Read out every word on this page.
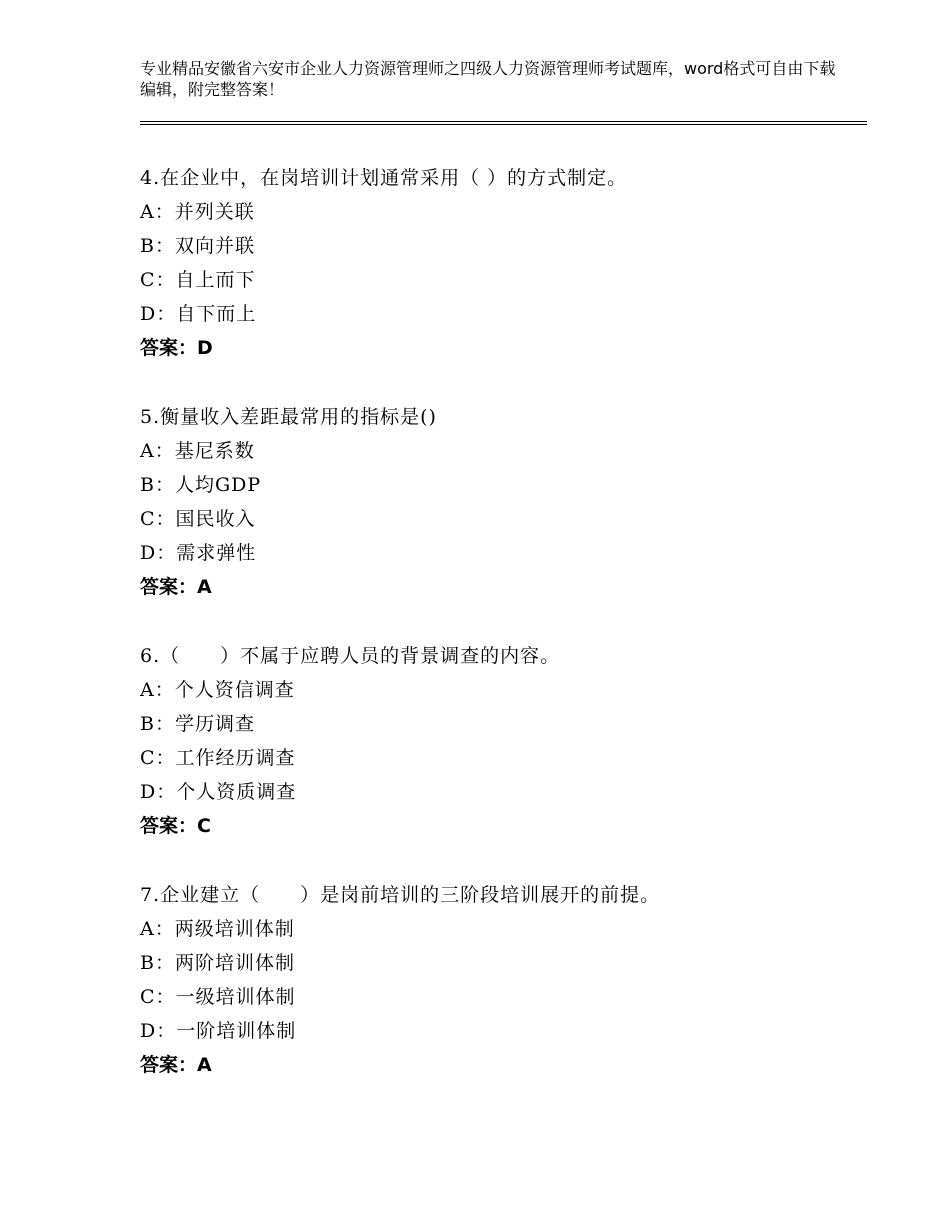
专业精品安徽省六安市企业人力资源管理师之四级人力资源管理师考试题库，word格式可自由下载编辑，附完整答案！
4.在企业中，在岗培训计划通常采用（ ）的方式制定。
A：并列关联
B：双向并联
C：自上而下
D：自下而上
答案：D
5.衡量收入差距最常用的指标是()
A：基尼系数
B：人均GDP
C：国民收入
D：需求弹性
答案：A
6.（　　）不属于应聘人员的背景调查的内容。
A：个人资信调查
B：学历调查
C：工作经历调查
D：个人资质调查
答案：C
7.企业建立（　　）是岗前培训的三阶段培训展开的前提。
A：两级培训体制
B：两阶培训体制
C：一级培训体制
D：一阶培训体制
答案：A
